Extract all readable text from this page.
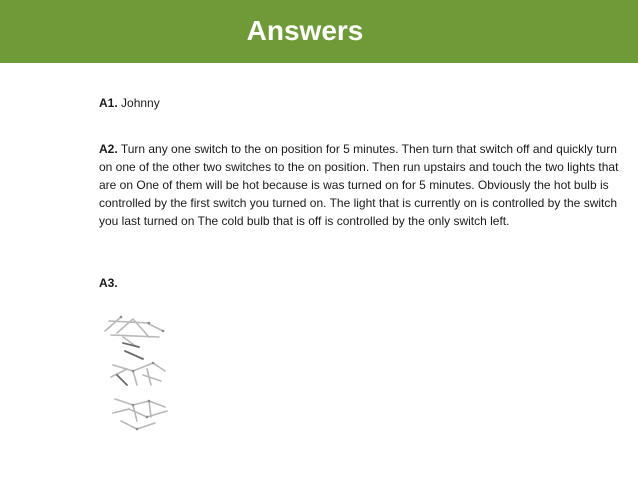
Answers

A1. Johnny

A2. Turn any one switch to the on position for 5 minutes. Then turn that switch off and quickly turn on one of the other two switches to the on position. Then run upstairs and touch the two lights that are on One of them will be hot because is was turned on for 5 minutes. Obviously the hot bulb is controlled by the first switch you turned on. The light that is currently on is controlled by the switch you last turned on The cold bulb that is off is controlled by the only switch left.

A3.
